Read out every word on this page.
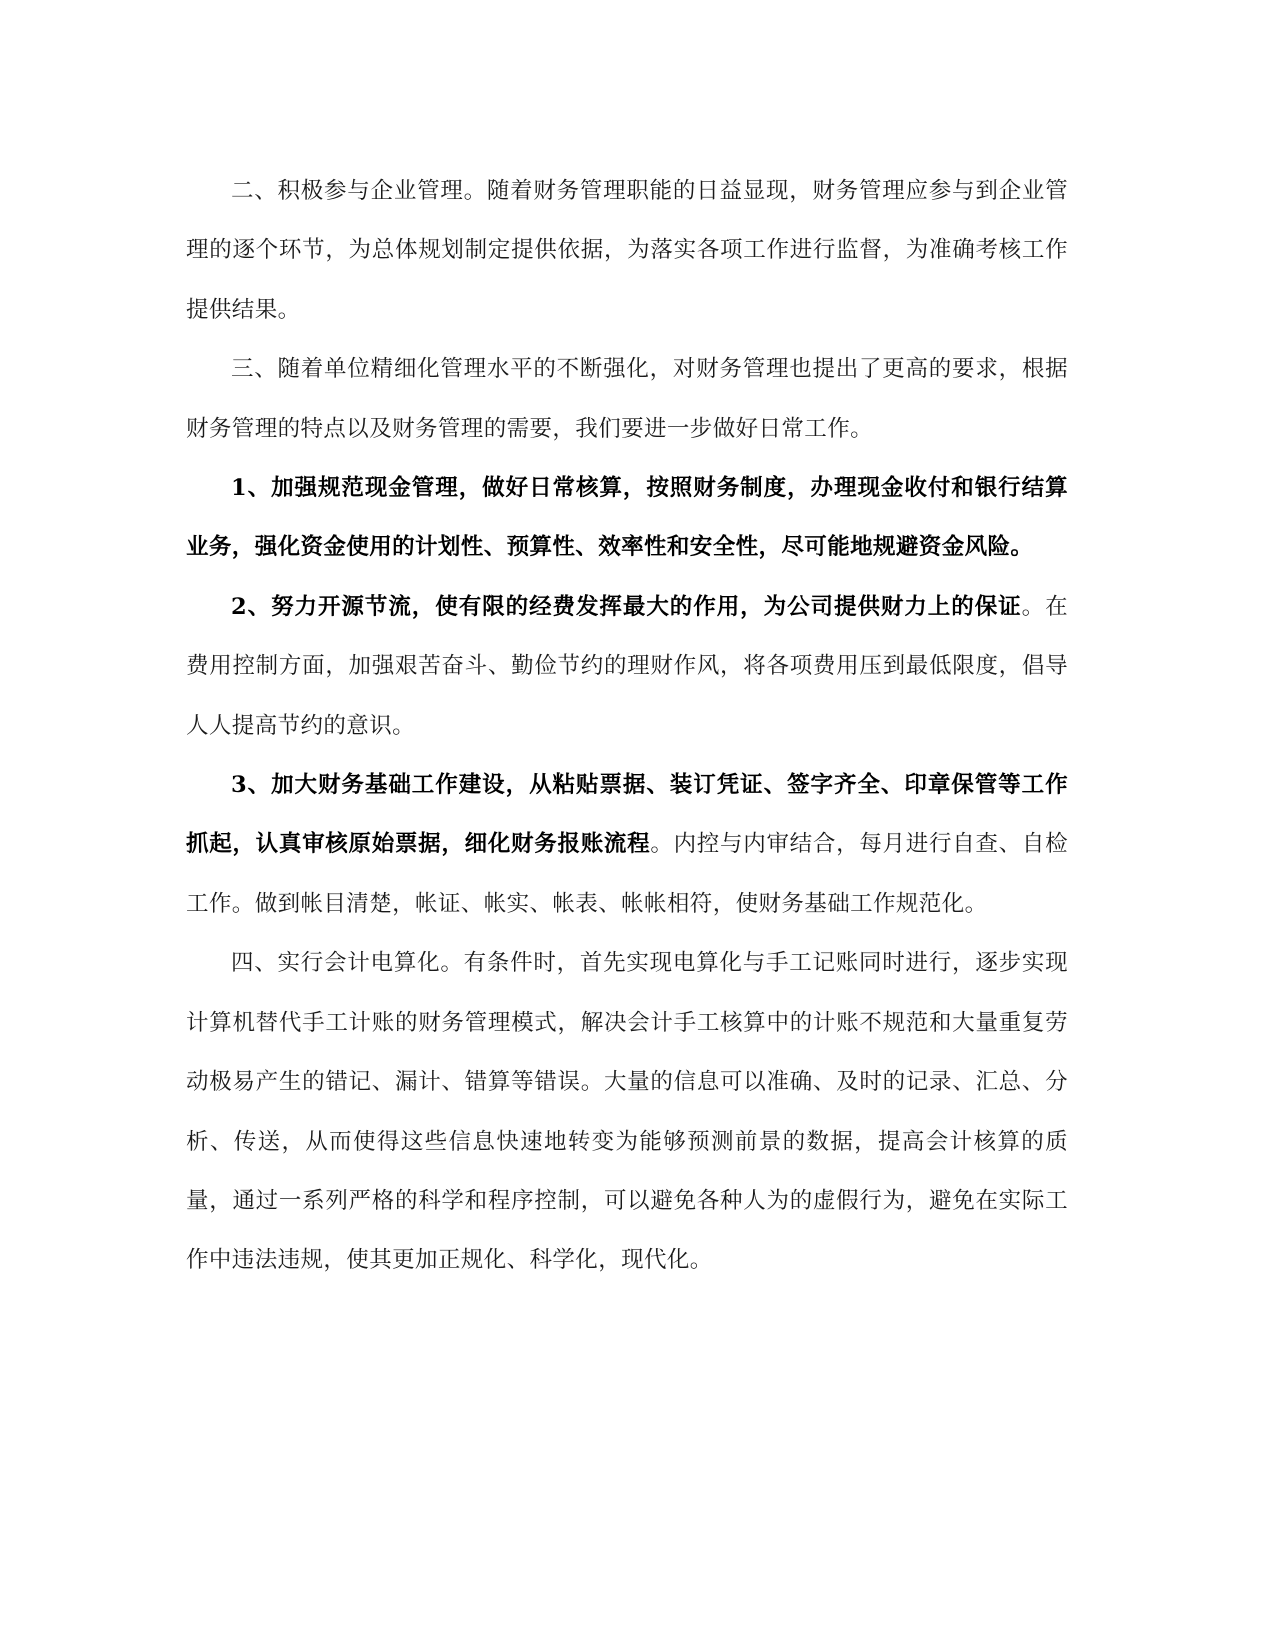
二、积极参与企业管理。随着财务管理职能的日益显现，财务管理应参与到企业管理的逐个环节，为总体规划制定提供依据，为落实各项工作进行监督，为准确考核工作提供结果。

三、随着单位精细化管理水平的不断强化，对财务管理也提出了更高的要求，根据财务管理的特点以及财务管理的需要，我们要进一步做好日常工作。

1、加强规范现金管理，做好日常核算，按照财务制度，办理现金收付和银行结算业务，强化资金使用的计划性、预算性、效率性和安全性，尽可能地规避资金风险。

2、努力开源节流，使有限的经费发挥最大的作用，为公司提供财力上的保证。在费用控制方面，加强艰苦奋斗、勤俭节约的理财作风，将各项费用压到最低限度，倡导人人提高节约的意识。

3、加大财务基础工作建设，从粘贴票据、装订凭证、签字齐全、印章保管等工作抓起，认真审核原始票据，细化财务报账流程。内控与内审结合，每月进行自查、自检工作。做到帐目清楚，帐证、帐实、帐表、帐帐相符，使财务基础工作规范化。

四、实行会计电算化。有条件时，首先实现电算化与手工记账同时进行，逐步实现计算机替代手工计账的财务管理模式，解决会计手工核算中的计账不规范和大量重复劳动极易产生的错记、漏计、错算等错误。大量的信息可以准确、及时的记录、汇总、分析、传送，从而使得这些信息快速地转变为能够预测前景的数据，提高会计核算的质量，通过一系列严格的科学和程序控制，可以避免各种人为的虚假行为，避免在实际工作中违法违规，使其更加正规化、科学化，现代化。
